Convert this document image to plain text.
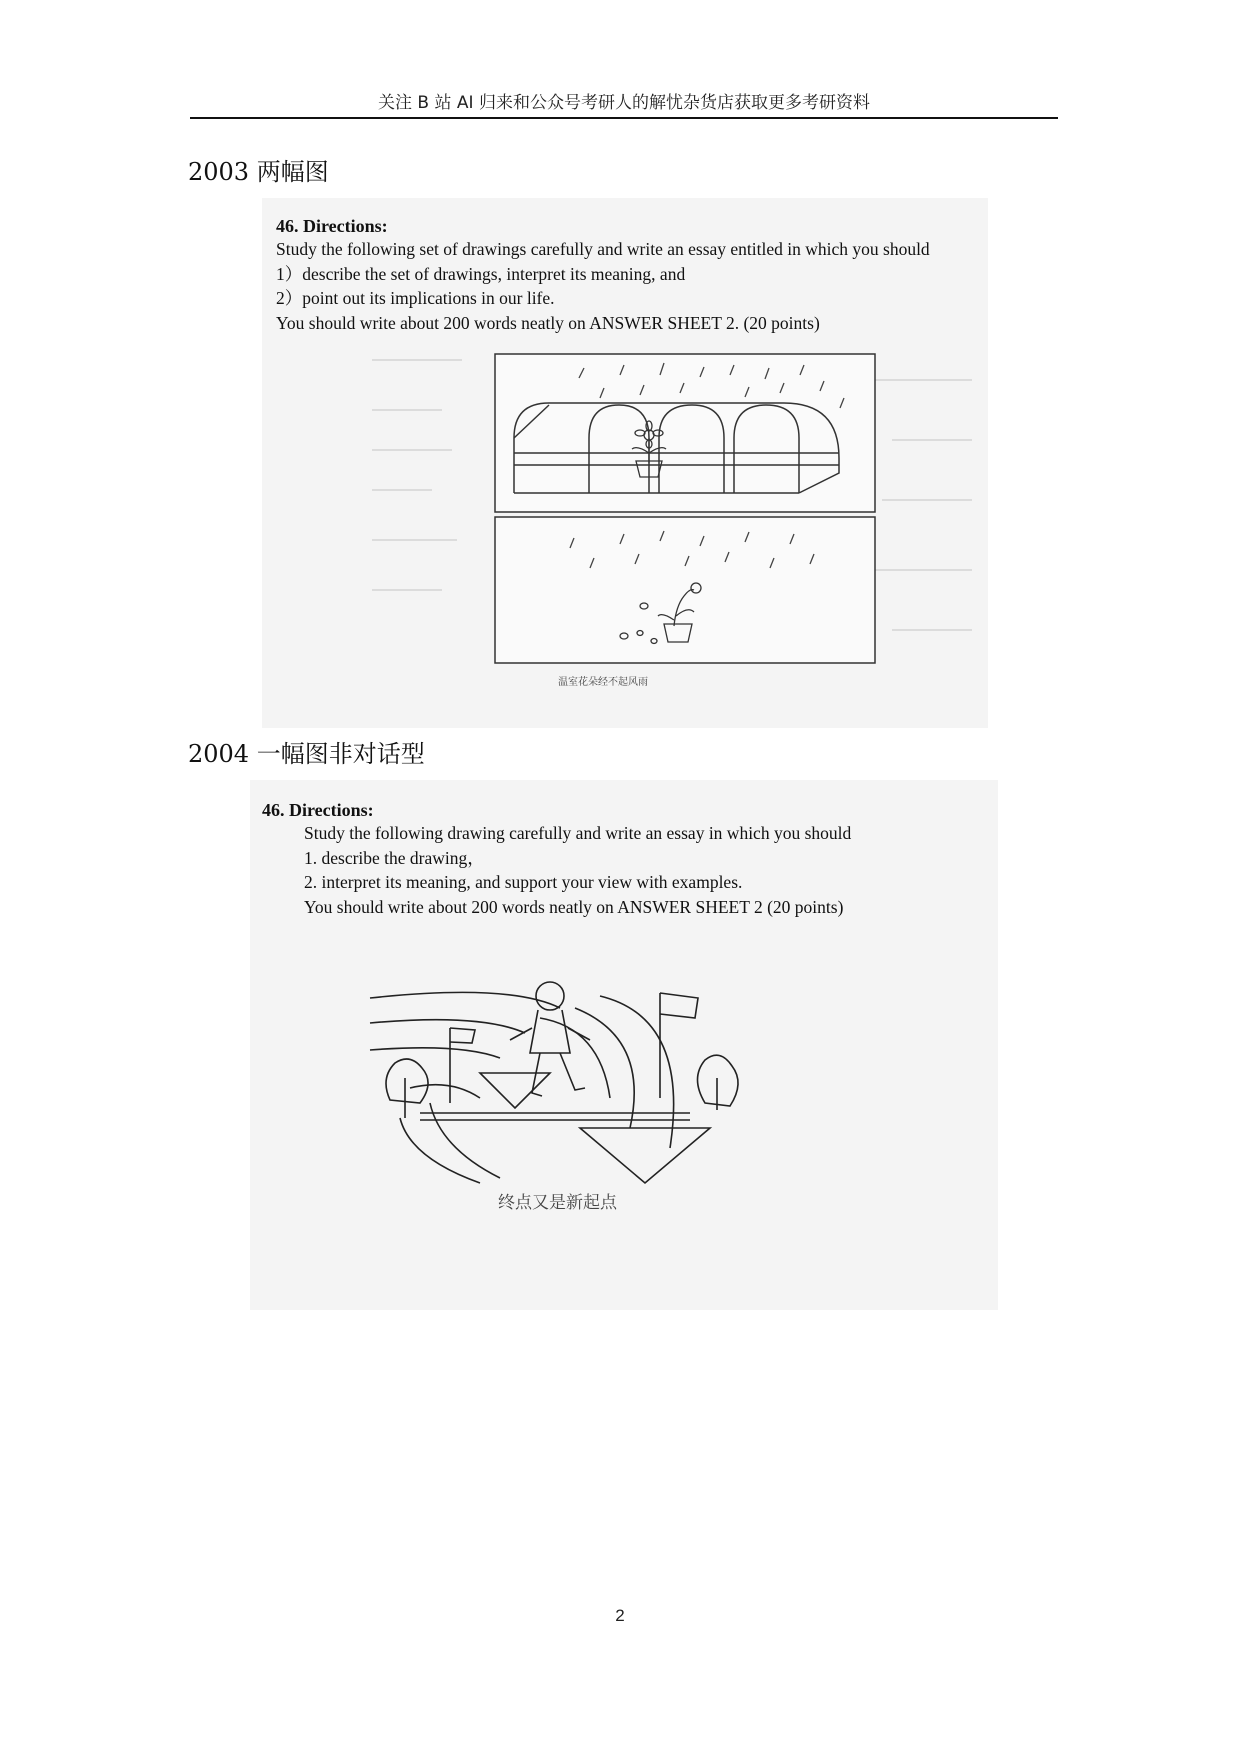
关注 B 站 AI 归来和公众号考研人的解忧杂货店获取更多考研资料
2003 两幅图
46. Directions:
Study the following set of drawings carefully and write an essay entitled in which you should
1）describe the set of drawings, interpret its meaning, and
2）point out its implications in our life.
You should write about 200 words neatly on ANSWER SHEET 2. (20 points)
温室花朵经不起风雨
2004 一幅图非对话型
46. Directions:
Study the following drawing carefully and write an essay in which you should
1. describe the drawing，
2. interpret its meaning, and support your view with examples.
You should write about 200 words neatly on ANSWER SHEET 2 (20 points)
终点又是新起点
2
